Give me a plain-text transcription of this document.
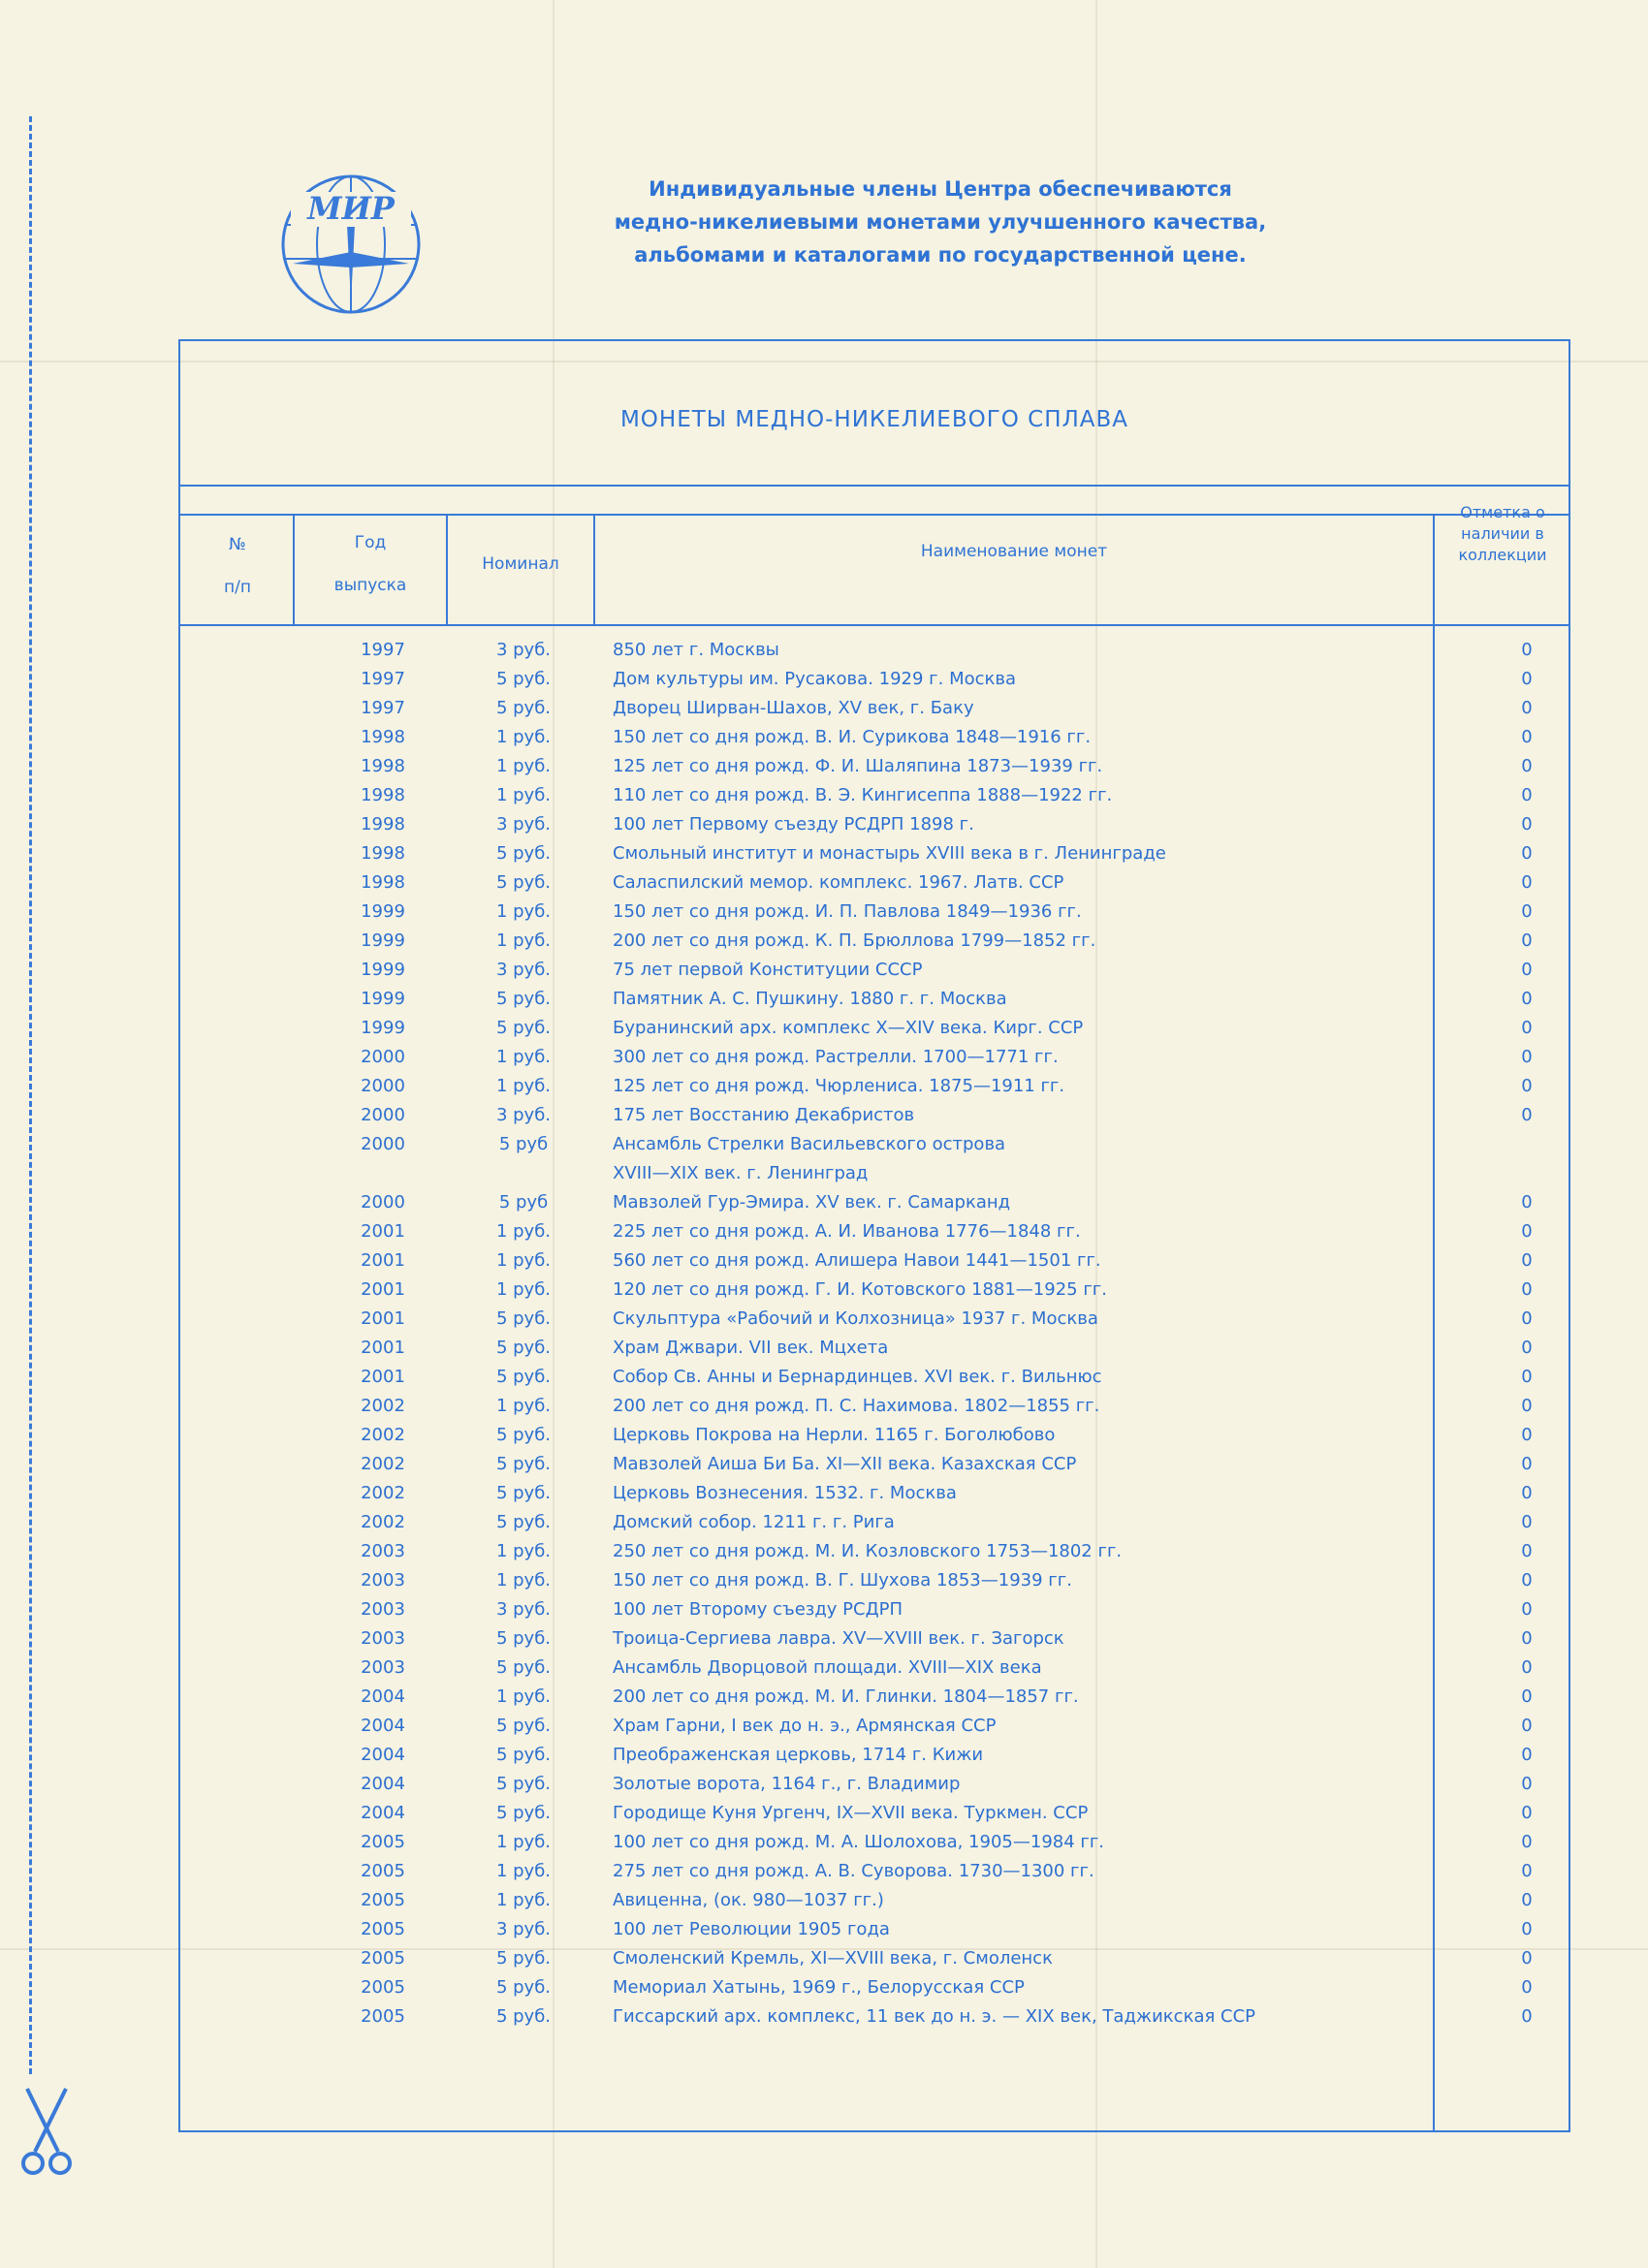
МИР
Индивидуальные члены Центра обеспечиваются
медно-никелиевыми монетами улучшенного качества,
альбомами и каталогами по государственной цене.
МОНЕТЫ МЕДНО-НИКЕЛИЕВОГО СПЛАВА
№
п/п
Год
выпуска
Номинал
Наименование монет
Отметка о
наличии в
коллекции
1997	3 руб.	850 лет г. Москвы	0
1997	5 руб.	Дом культуры им. Русакова. 1929 г. Москва	0
1997	5 руб.	Дворец Ширван-Шахов, XV век, г. Баку	0
1998	1 руб.	150 лет со дня рожд. В. И. Сурикова 1848—1916 гг.	0
1998	1 руб.	125 лет со дня рожд. Ф. И. Шаляпина 1873—1939 гг.	0
1998	1 руб.	110 лет со дня рожд. В. Э. Кингисеппа 1888—1922 гг.	0
1998	3 руб.	100 лет Первому съезду РСДРП 1898 г.	0
1998	5 руб.	Смольный институт и монастырь XVIII века в г. Ленинграде	0
1998	5 руб.	Саласпилский мемор. комплекс. 1967. Латв. ССР	0
1999	1 руб.	150 лет со дня рожд. И. П. Павлова 1849—1936 гг.	0
1999	1 руб.	200 лет со дня рожд. К. П. Брюллова 1799—1852 гг.	0
1999	3 руб.	75 лет первой Конституции СССР	0
1999	5 руб.	Памятник А. С. Пушкину. 1880 г. г. Москва	0
1999	5 руб.	Буранинский арх. комплекс X—XIV века. Кирг. ССР	0
2000	1 руб.	300 лет со дня рожд. Растрелли. 1700—1771 гг.	0
2000	1 руб.	125 лет со дня рожд. Чюрлениса. 1875—1911 гг.	0
2000	3 руб.	175 лет Восстанию Декабристов	0
2000	5 руб	Ансамбль Стрелки Васильевского острова
XVIII—XIX век. г. Ленинград
2000	5 руб	Мавзолей Гур-Эмира. XV век. г. Самарканд	0
2001	1 руб.	225 лет со дня рожд. А. И. Иванова 1776—1848 гг.	0
2001	1 руб.	560 лет со дня рожд. Алишера Навои 1441—1501 гг.	0
2001	1 руб.	120 лет со дня рожд. Г. И. Котовского 1881—1925 гг.	0
2001	5 руб.	Скульптура «Рабочий и Колхозница» 1937 г. Москва	0
2001	5 руб.	Храм Джвари. VII век. Мцхета	0
2001	5 руб.	Собор Св. Анны и Бернардинцев. XVI век. г. Вильнюс	0
2002	1 руб.	200 лет со дня рожд. П. С. Нахимова. 1802—1855 гг.	0
2002	5 руб.	Церковь Покрова на Нерли. 1165 г. Боголюбово	0
2002	5 руб.	Мавзолей Аиша Би Ба. XI—XII века. Казахская ССР	0
2002	5 руб.	Церковь Вознесения. 1532. г. Москва	0
2002	5 руб.	Домский собор. 1211 г. г. Рига	0
2003	1 руб.	250 лет со дня рожд. М. И. Козловского 1753—1802 гг.	0
2003	1 руб.	150 лет со дня рожд. В. Г. Шухова 1853—1939 гг.	0
2003	3 руб.	100 лет Второму съезду РСДРП	0
2003	5 руб.	Троица-Сергиева лавра. XV—XVIII век. г. Загорск	0
2003	5 руб.	Ансамбль Дворцовой площади. XVIII—XIX века	0
2004	1 руб.	200 лет со дня рожд. М. И. Глинки. 1804—1857 гг.	0
2004	5 руб.	Храм Гарни, I век до н. э., Армянская ССР	0
2004	5 руб.	Преображенская церковь, 1714 г. Кижи	0
2004	5 руб.	Золотые ворота, 1164 г., г. Владимир	0
2004	5 руб.	Городище Куня Ургенч, IX—XVII века. Туркмен. ССР	0
2005	1 руб.	100 лет со дня рожд. М. А. Шолохова, 1905—1984 гг.	0
2005	1 руб.	275 лет со дня рожд. А. В. Суворова. 1730—1300 гг.	0
2005	1 руб.	Авиценна, (ок. 980—1037 гг.)	0
2005	3 руб.	100 лет Революции 1905 года	0
2005	5 руб.	Смоленский Кремль, XI—XVIII века, г. Смоленск	0
2005	5 руб.	Мемориал Хатынь, 1969 г., Белорусская ССР	0
2005	5 руб.	Гиссарский арх. комплекс, 11 век до н. э. — XIX век, Таджикская ССР	0
